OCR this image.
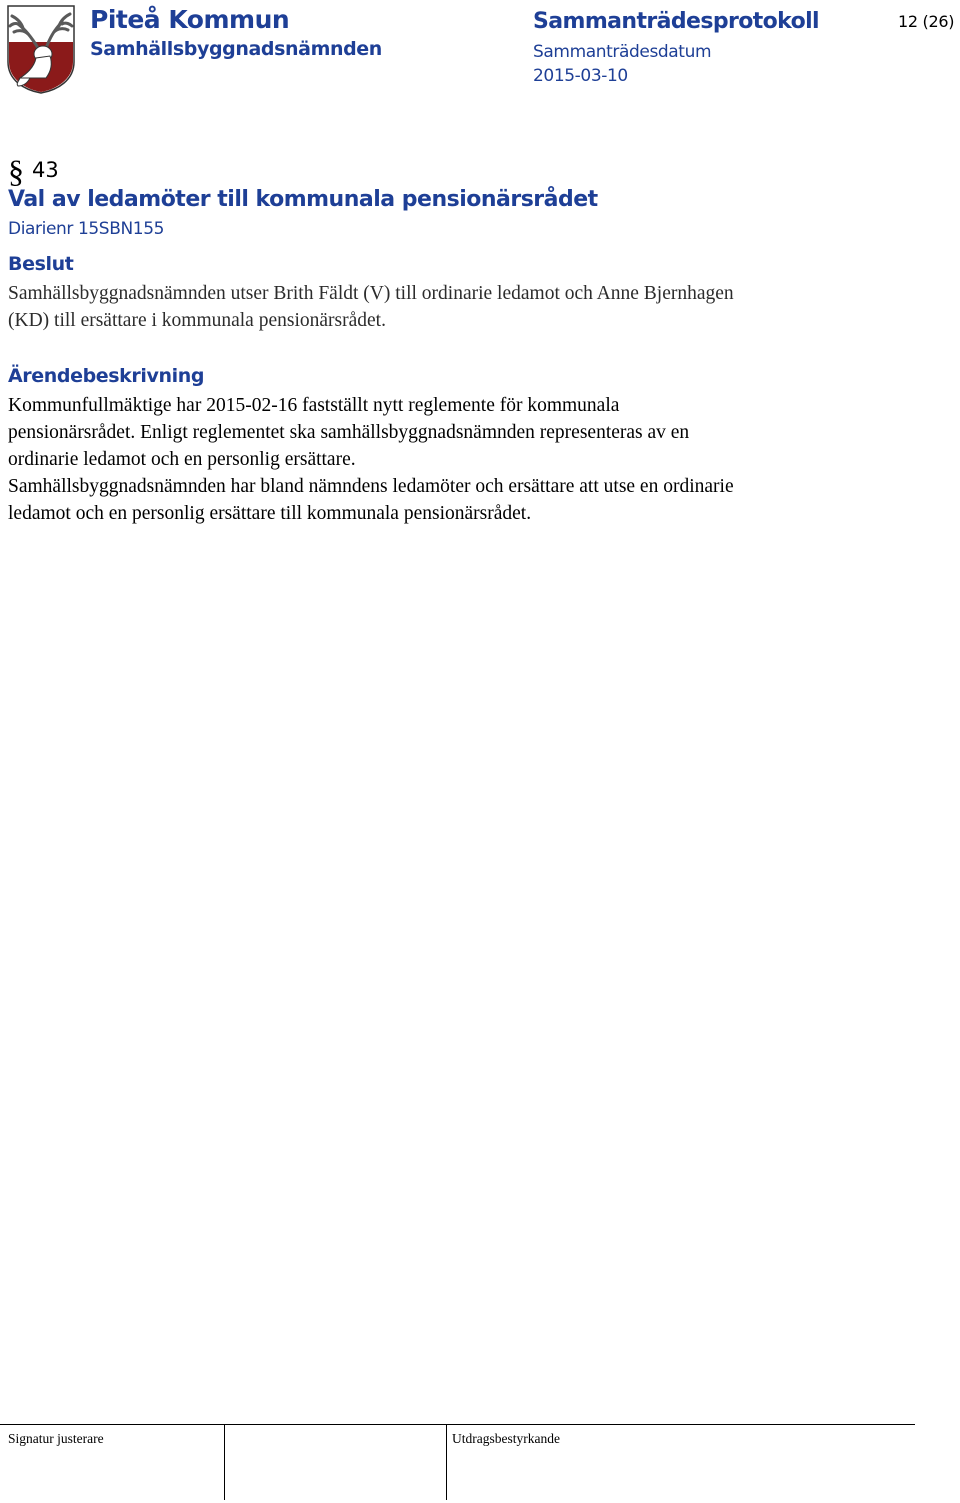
Piteå Kommun
Samhällsbyggnadsnämnden
Sammanträdesprotokoll
Sammanträdesdatum
2015-03-10
12 (26)
§ 43
Val av ledamöter till kommunala pensionärsrådet
Diarienr 15SBN155
Beslut
Samhällsbyggnadsnämnden utser Brith Fäldt (V) till ordinarie ledamot och Anne Bjernhagen
(KD) till ersättare i kommunala pensionärsrådet.
Ärendebeskrivning
Kommunfullmäktige har 2015-02-16 fastställt nytt reglemente för kommunala
pensionärsrådet. Enligt reglementet ska samhällsbyggnadsnämnden representeras av en
ordinarie ledamot och en personlig ersättare.
Samhällsbyggnadsnämnden har bland nämndens ledamöter och ersättare att utse en ordinarie
ledamot och en personlig ersättare till kommunala pensionärsrådet.
Signatur justerare	Utdragsbestyrkande
